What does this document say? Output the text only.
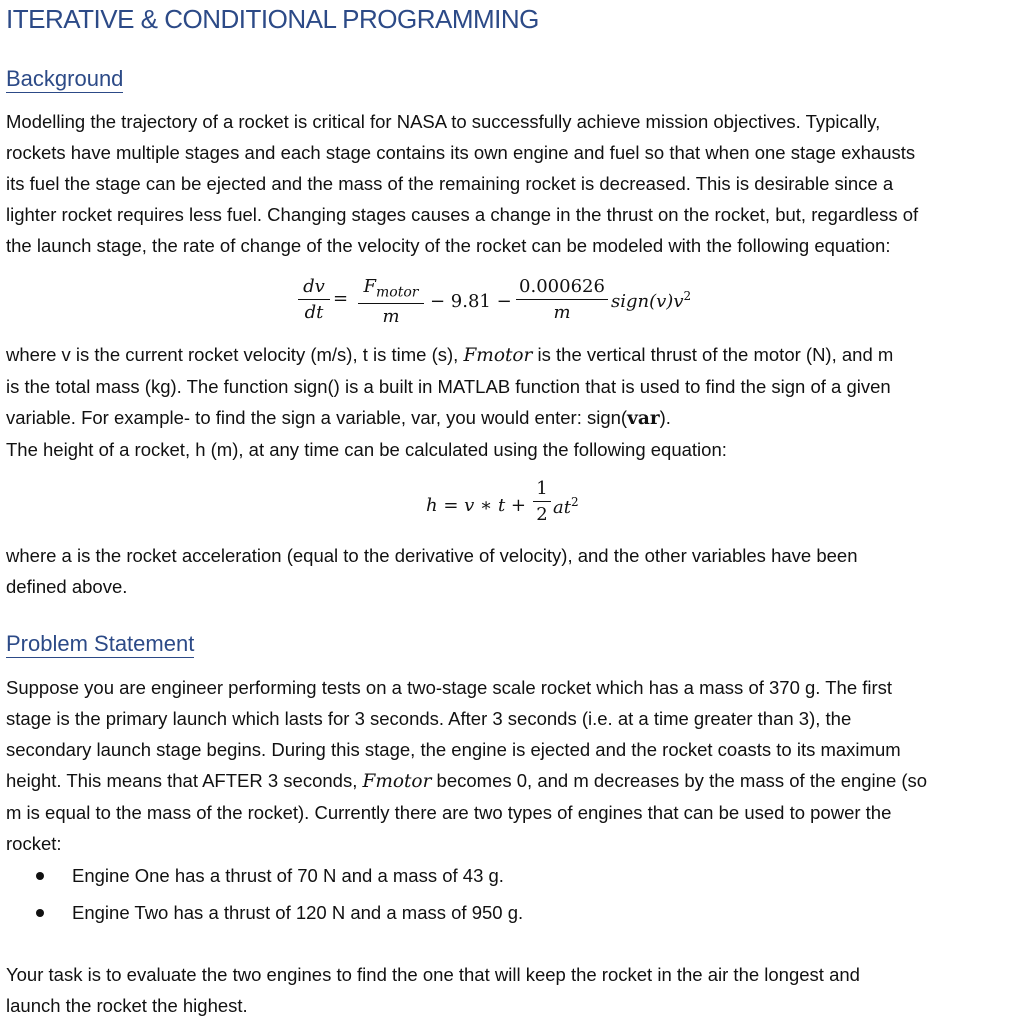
ITERATIVE & CONDITIONAL PROGRAMMING
Background
Modelling the trajectory of a rocket is critical for NASA to successfully achieve mission objectives. Typically,
rockets have multiple stages and each stage contains its own engine and fuel so that when one stage exhausts
its fuel the stage can be ejected and the mass of the remaining rocket is decreased. This is desirable since a
lighter rocket requires less fuel. Changing stages causes a change in the thrust on the rocket, but, regardless of
the launch stage, the rate of change of the velocity of the rocket can be modeled with the following equation:
dv
dt
=
$F_{motor}$
m
− 9.81 −
0.000626
m
$sign(v)v^2$
where v is the current rocket velocity (m/s), t is time (s), Fmotor is the vertical thrust of the motor (N), and m
is the total mass (kg). The function sign() is a built in MATLAB function that is used to find the sign of a given
variable. For example- to find the sign a variable, var, you would enter: sign(var).
The height of a rocket, h (m), at any time can be calculated using the following equation:
h = v ∗ t +
1
2 $at^2$
where a is the rocket acceleration (equal to the derivative of velocity), and the other variables have been
defined above.
Problem Statement
Suppose you are engineer performing tests on a two-stage scale rocket which has a mass of 370 g. The first
stage is the primary launch which lasts for 3 seconds. After 3 seconds (i.e. at a time greater than 3), the
secondary launch stage begins. During this stage, the engine is ejected and the rocket coasts to its maximum
height. This means that AFTER 3 seconds, Fmotor becomes 0, and m decreases by the mass of the engine (so
m is equal to the mass of the rocket). Currently there are two types of engines that can be used to power the
rocket:
Engine One has a thrust of 70 N and a mass of 43 g.
Engine Two has a thrust of 120 N and a mass of 950 g.
Your task is to evaluate the two engines to find the one that will keep the rocket in the air the longest and
launch the rocket the highest.
